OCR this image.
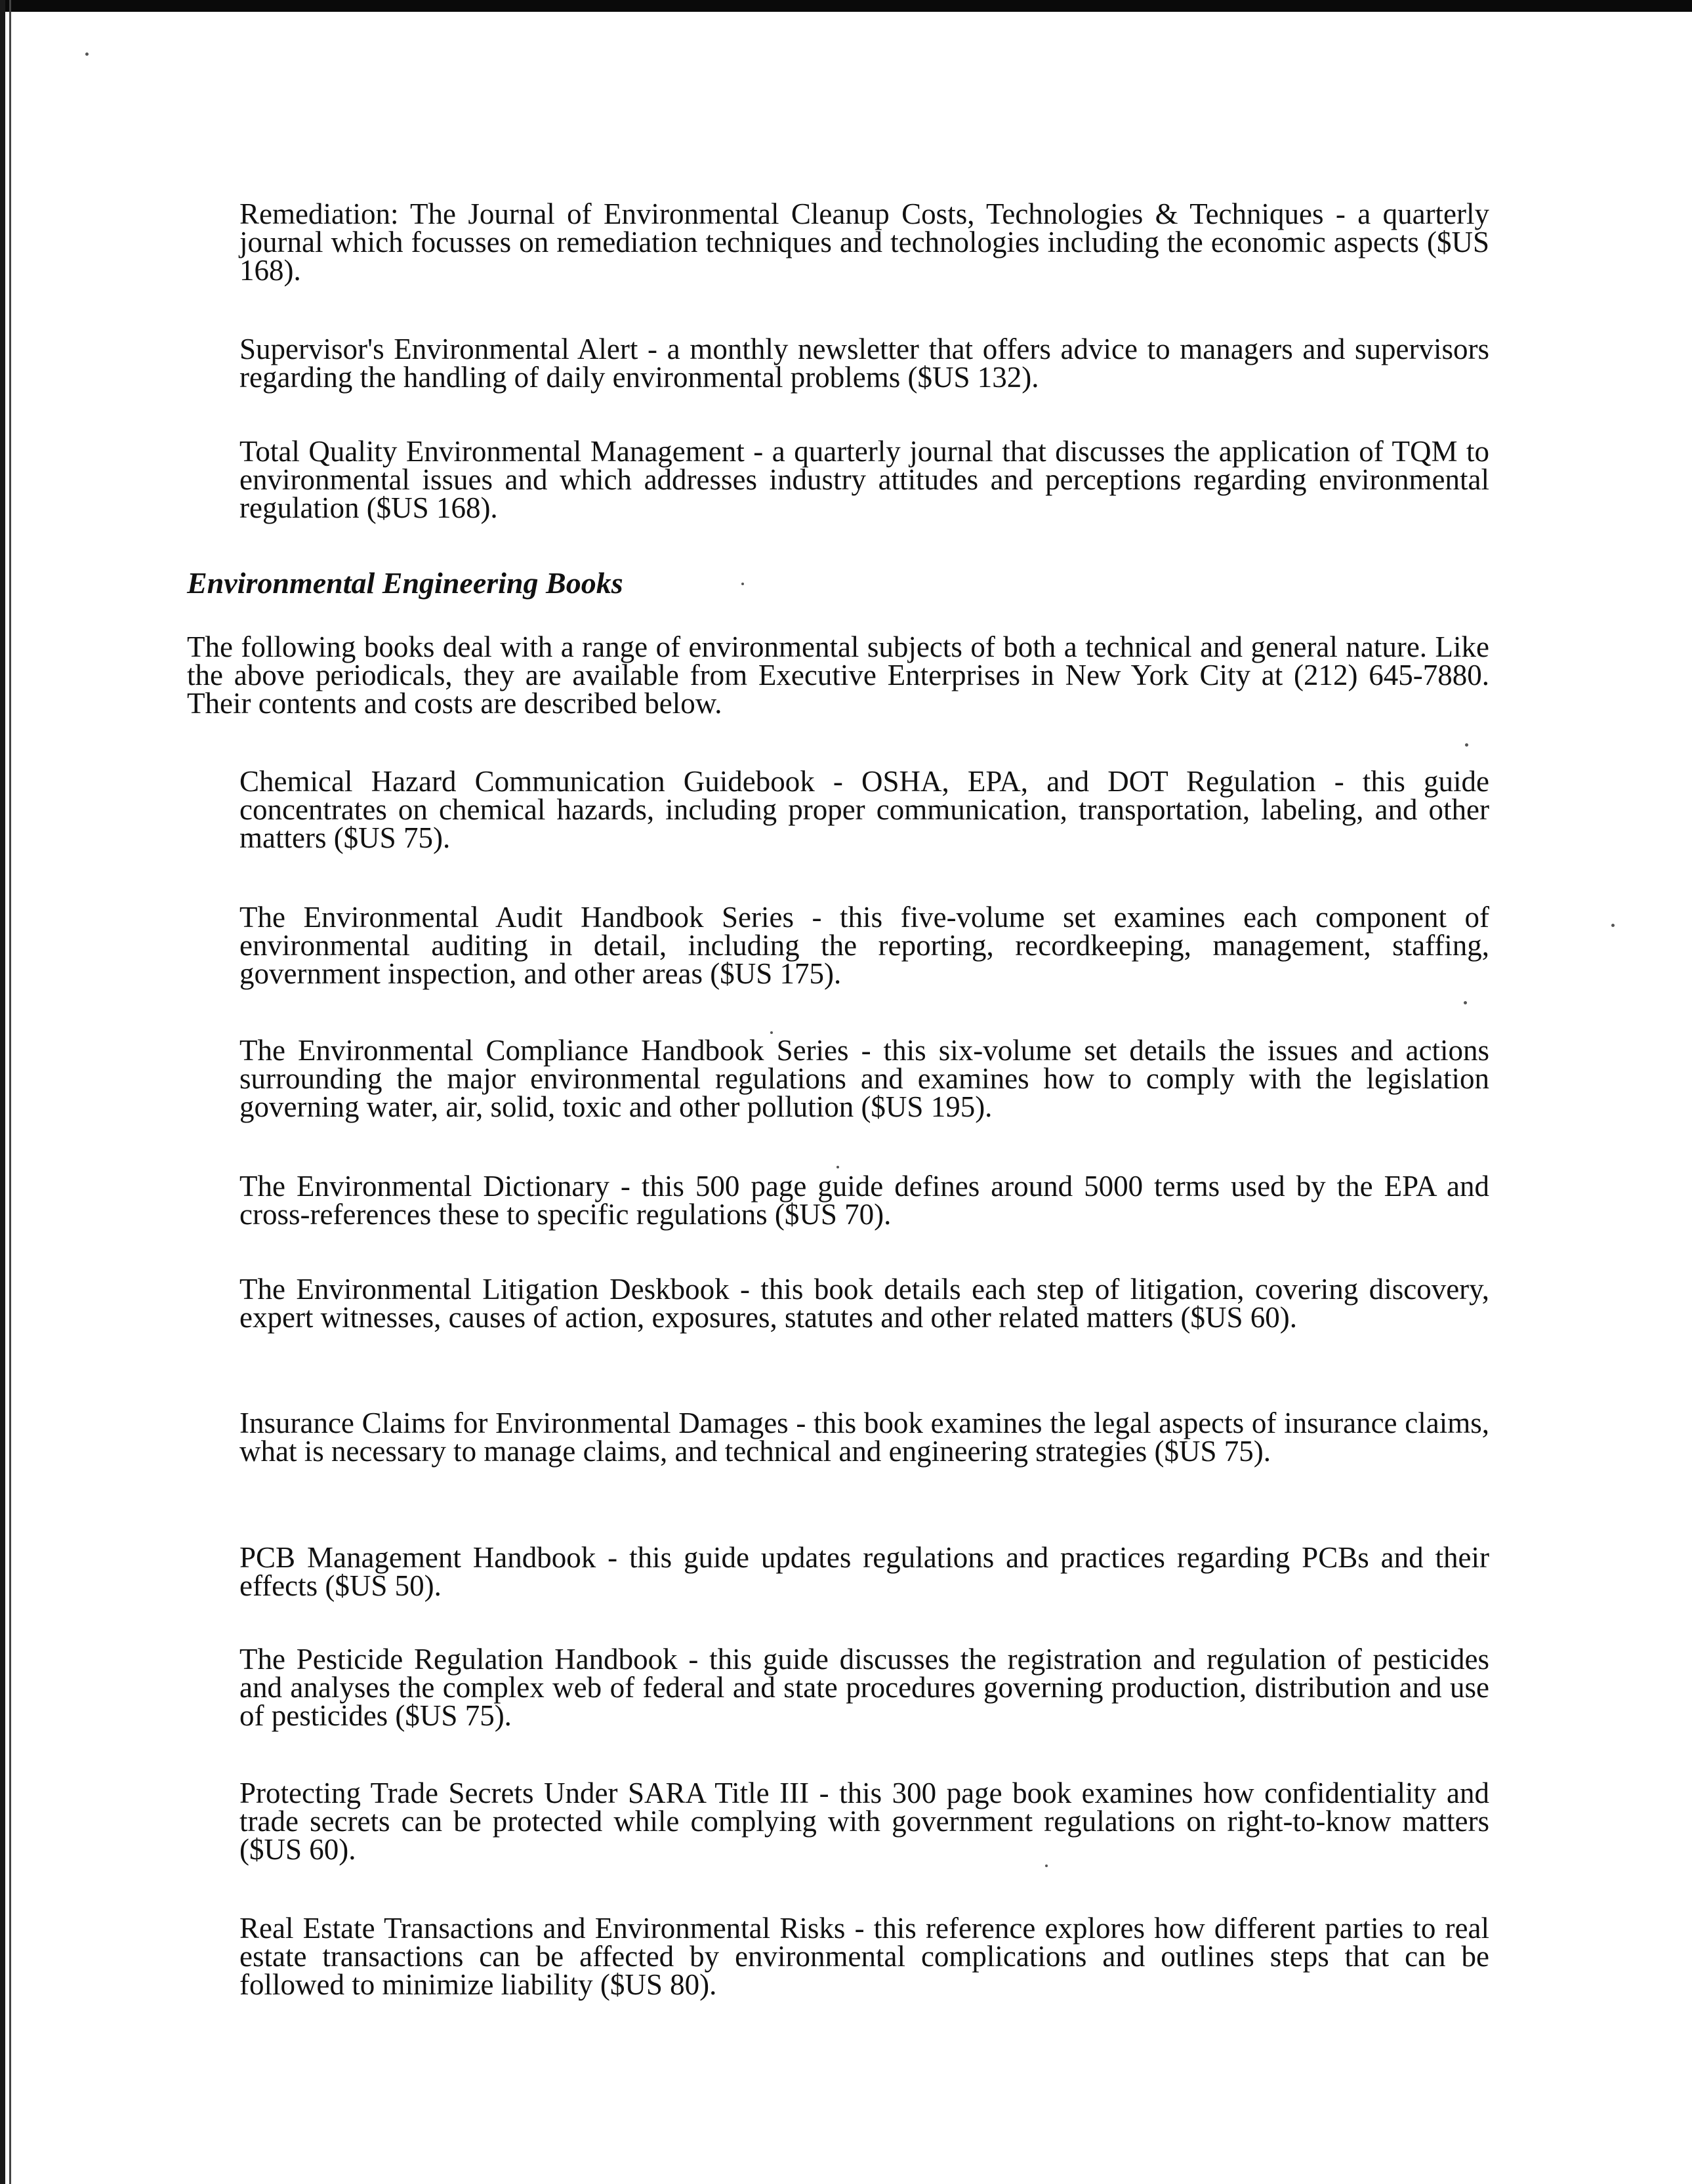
Remediation: The Journal of Environmental Cleanup Costs, Technologies & Techniques - a quarterly journal which focusses on remediation techniques and technologies including the economic aspects ($US 168).

Supervisor's Environmental Alert - a monthly newsletter that offers advice to managers and supervisors regarding the handling of daily environmental problems ($US 132).

Total Quality Environmental Management - a quarterly journal that discusses the application of TQM to environmental issues and which addresses industry attitudes and perceptions regarding environmental regulation ($US 168).

Environmental Engineering Books

The following books deal with a range of environmental subjects of both a technical and general nature. Like the above periodicals, they are available from Executive Enterprises in New York City at (212) 645-7880. Their contents and costs are described below.

Chemical Hazard Communication Guidebook - OSHA, EPA, and DOT Regulation - this guide concentrates on chemical hazards, including proper communication, transportation, labeling, and other matters ($US 75).

The Environmental Audit Handbook Series - this five-volume set examines each component of environmental auditing in detail, including the reporting, recordkeeping, management, staffing, government inspection, and other areas ($US 175).

The Environmental Compliance Handbook Series - this six-volume set details the issues and actions surrounding the major environmental regulations and examines how to comply with the legislation governing water, air, solid, toxic and other pollution ($US 195).

The Environmental Dictionary - this 500 page guide defines around 5000 terms used by the EPA and cross-references these to specific regulations ($US 70).

The Environmental Litigation Deskbook - this book details each step of litigation, covering discovery, expert witnesses, causes of action, exposures, statutes and other related matters ($US 60).

Insurance Claims for Environmental Damages - this book examines the legal aspects of insurance claims, what is necessary to manage claims, and technical and engineering strategies ($US 75).

PCB Management Handbook - this guide updates regulations and practices regarding PCBs and their effects ($US 50).

The Pesticide Regulation Handbook - this guide discusses the registration and regulation of pesticides and analyses the complex web of federal and state procedures governing production, distribution and use of pesticides ($US 75).

Protecting Trade Secrets Under SARA Title III - this 300 page book examines how confidentiality and trade secrets can be protected while complying with government regulations on right-to-know matters ($US 60).

Real Estate Transactions and Environmental Risks - this reference explores how different parties to real estate transactions can be affected by environmental complications and outlines steps that can be followed to minimize liability ($US 80).
